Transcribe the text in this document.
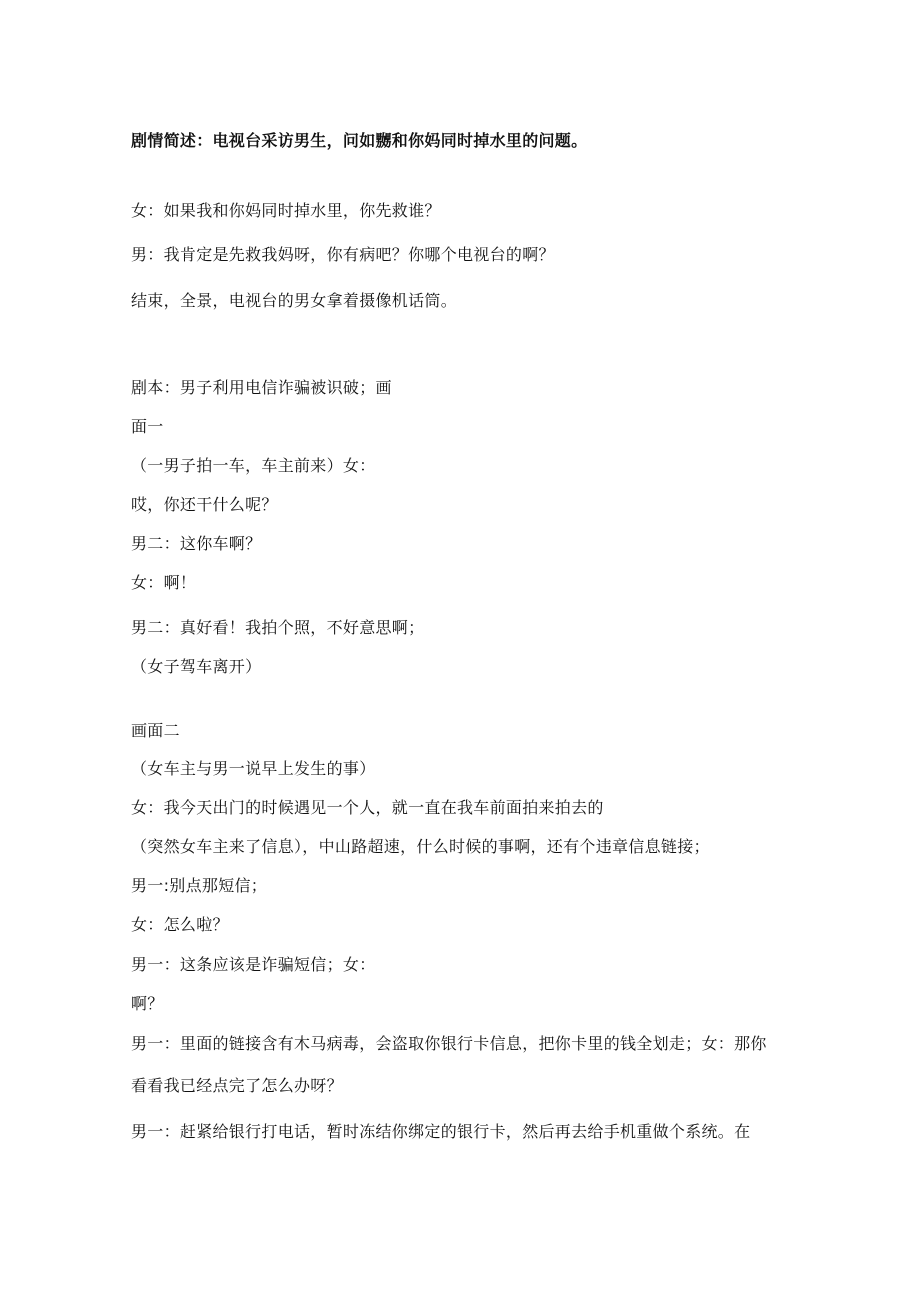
剧情简述：电视台采访男生，问如嬲和你妈同时掉水里的问题。
女：如果我和你妈同时掉水里，你先救谁？
男：我肯定是先救我妈呀，你有病吧？你哪个电视台的啊？
结束，全景，电视台的男女拿着摄像机话筒。
剧本：男子利用电信诈骗被识破；画
面一
（一男子拍一车，车主前来）女：
哎，你还干什么呢？
男二：这你车啊？
女：啊！
男二：真好看！我拍个照，不好意思啊；
（女子驾车离开）
画面二
（女车主与男一说早上发生的事）
女：我今天出门的时候遇见一个人，就一直在我车前面拍来拍去的
（突然女车主来了信息），中山路超速，什么时候的事啊，还有个违章信息链接；
男一:别点那短信；
女：怎么啦？
男一：这条应该是诈骗短信；女：
啊？
男一：里面的链接含有木马病毒，会盗取你银行卡信息，把你卡里的钱全划走；女：那你
看看我已经点完了怎么办呀？
男一：赶紧给银行打电话，暂时冻结你绑定的银行卡，然后再去给手机重做个系统。在
